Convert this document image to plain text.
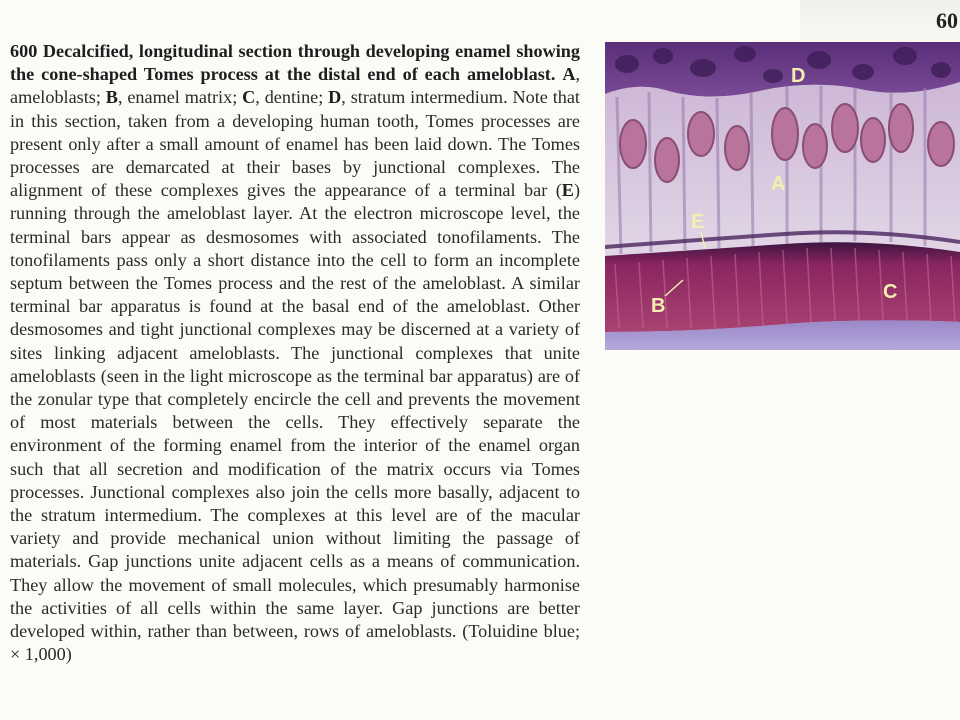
60

600 Decalcified, longitudinal section through developing enamel showing the cone-shaped Tomes process at the distal end of each ameloblast. A, ameloblasts; B, enamel matrix; C, dentine; D, stratum intermedium. Note that in this section, taken from a developing human tooth, Tomes processes are present only after a small amount of enamel has been laid down. The Tomes processes are demarcated at their bases by junctional complexes. The alignment of these complexes gives the appearance of a terminal bar (E) running through the ameloblast layer. At the electron microscope level, the terminal bars appear as desmosomes with associated tonofilaments. The tonofilaments pass only a short distance into the cell to form an incomplete septum between the Tomes process and the rest of the ameloblast. A similar terminal bar apparatus is found at the basal end of the ameloblast. Other desmosomes and tight junctional complexes may be discerned at a variety of sites linking adjacent ameloblasts. The junctional complexes that unite ameloblasts (seen in the light microscope as the terminal bar apparatus) are of the zonular type that completely encircle the cell and prevents the movement of most materials between the cells. They effectively separate the environment of the forming enamel from the interior of the enamel organ such that all secretion and modification of the matrix occurs via Tomes processes. Junctional complexes also join the cells more basally, adjacent to the stratum intermedium. The complexes at this level are of the macular variety and provide mechanical union without limiting the passage of materials. Gap junctions unite adjacent cells as a means of communication. They allow the movement of small molecules, which presumably harmonise the activities of all cells within the same layer. Gap junctions are better developed within, rather than between, rows of ameloblasts. (Toluidine blue; × 1,000)

D
A
E
B
C
